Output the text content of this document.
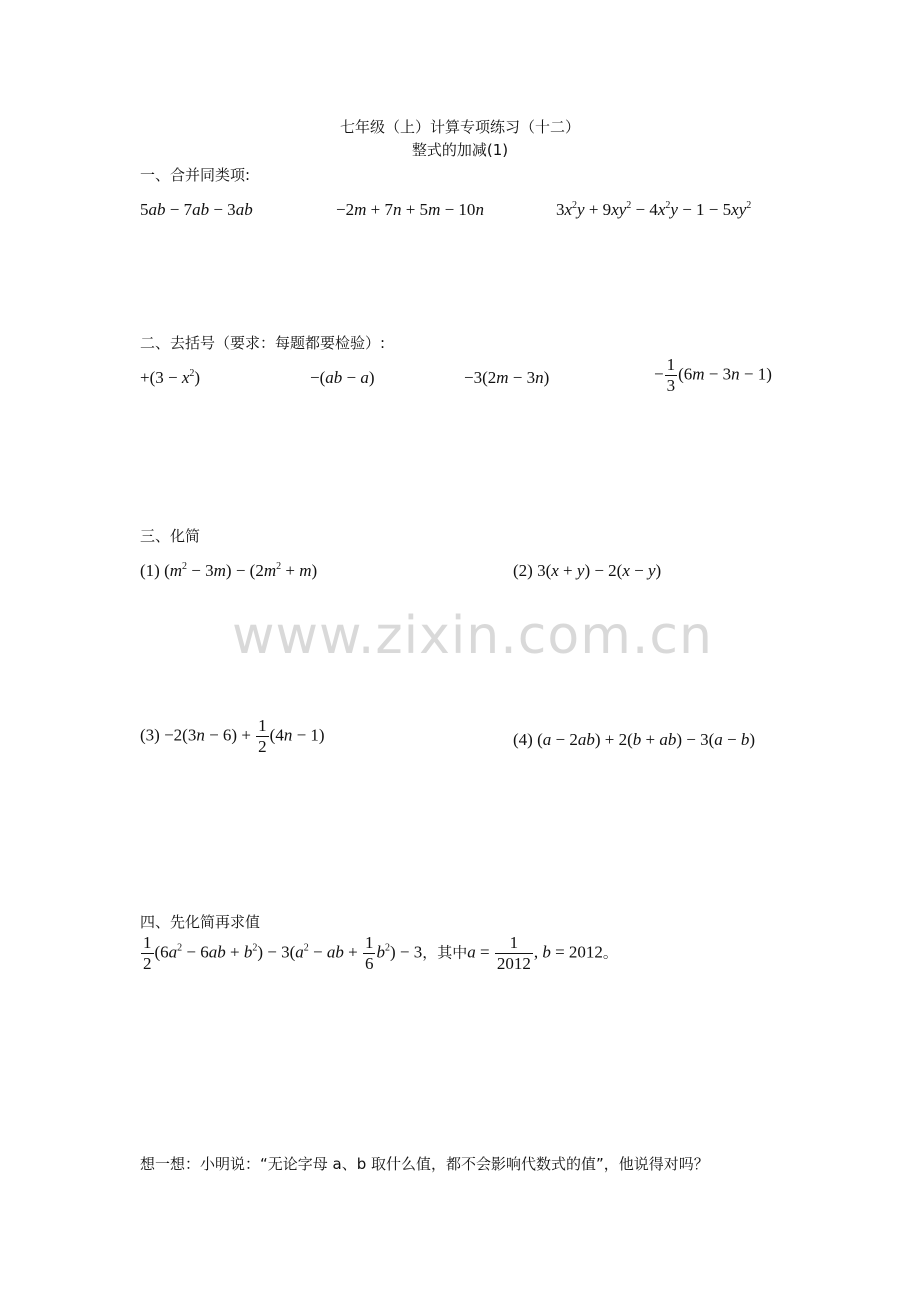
七年级（上）计算专项练习（十二）
整式的加减(1)
一、合并同类项:
5ab − 7ab − 3ab	−2m + 7n + 5m − 10n	$3x^2y + 9xy^2 - 4x^2y - 1 - 5xy^2$
二、去括号（要求：每题都要检验）:
$+(3 - x^2)$	−(ab − a)	−3(2m − 3n)	− $\frac{1}{3} (6m - 3n - 1)$
三、化简
(1) $(m^2 - 3m) - (2m^2 + m)$	(2) 3(x + y) − 2(x − y)
www.zixin.com.cn
$(3) -2(3n - 6) + \frac{1}{2} (4n - 1)$	(4) (a − 2ab) + 2(b + ab) − 3(a − b)
四、先化简再求值
$\frac{1}{2} (6a^2 - 6ab + b^2) - 3(a^2$ − ab + $\frac{1}{6} b^2) - 3$，其中$a = \frac{1}{2012}$ , b = 2012。
想一想：小明说：“无论字母 a、b 取什么值，都不会影响代数式的值”，他说得对吗？
